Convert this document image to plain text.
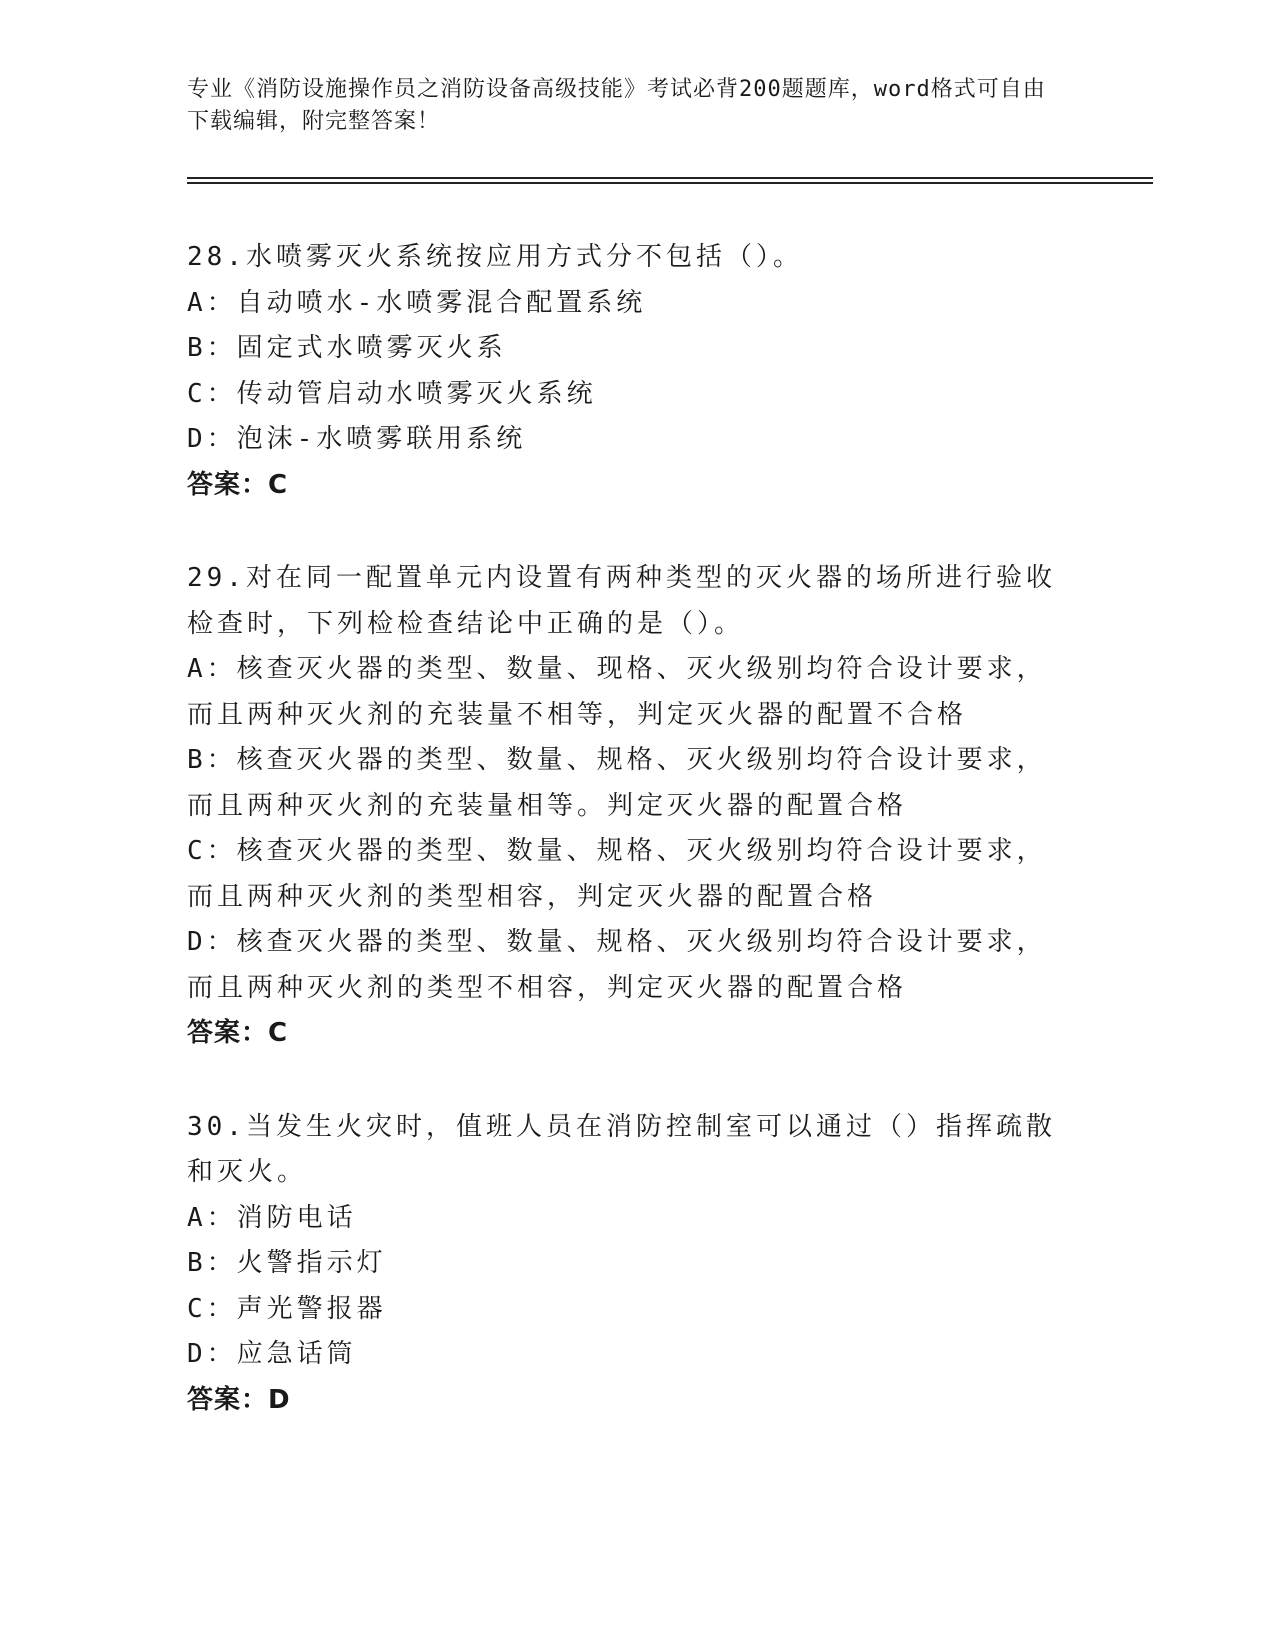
专业《消防设施操作员之消防设备高级技能》考试必背200题题库，word格式可自由下载编辑，附完整答案！
28.水喷雾灭火系统按应用方式分不包括（）。
A：自动喷水-水喷雾混合配置系统
B：固定式水喷雾灭火系
C：传动管启动水喷雾灭火系统
D：泡沫-水喷雾联用系统
答案：C
29.对在同一配置单元内设置有两种类型的灭火器的场所进行验收检查时，下列检检查结论中正确的是（）。
A：核查灭火器的类型、数量、现格、灭火级别均符合设计要求，而且两种灭火剂的充装量不相等，判定灭火器的配置不合格
B：核查灭火器的类型、数量、规格、灭火级别均符合设计要求，而且两种灭火剂的充装量相等。判定灭火器的配置合格
C：核查灭火器的类型、数量、规格、灭火级别均符合设计要求，而且两种灭火剂的类型相容，判定灭火器的配置合格
D：核查灭火器的类型、数量、规格、灭火级别均符合设计要求，而且两种灭火剂的类型不相容，判定灭火器的配置合格
答案：C
30.当发生火灾时，值班人员在消防控制室可以通过（）指挥疏散和灭火。
A：消防电话
B：火警指示灯
C：声光警报器
D：应急话筒
答案：D
